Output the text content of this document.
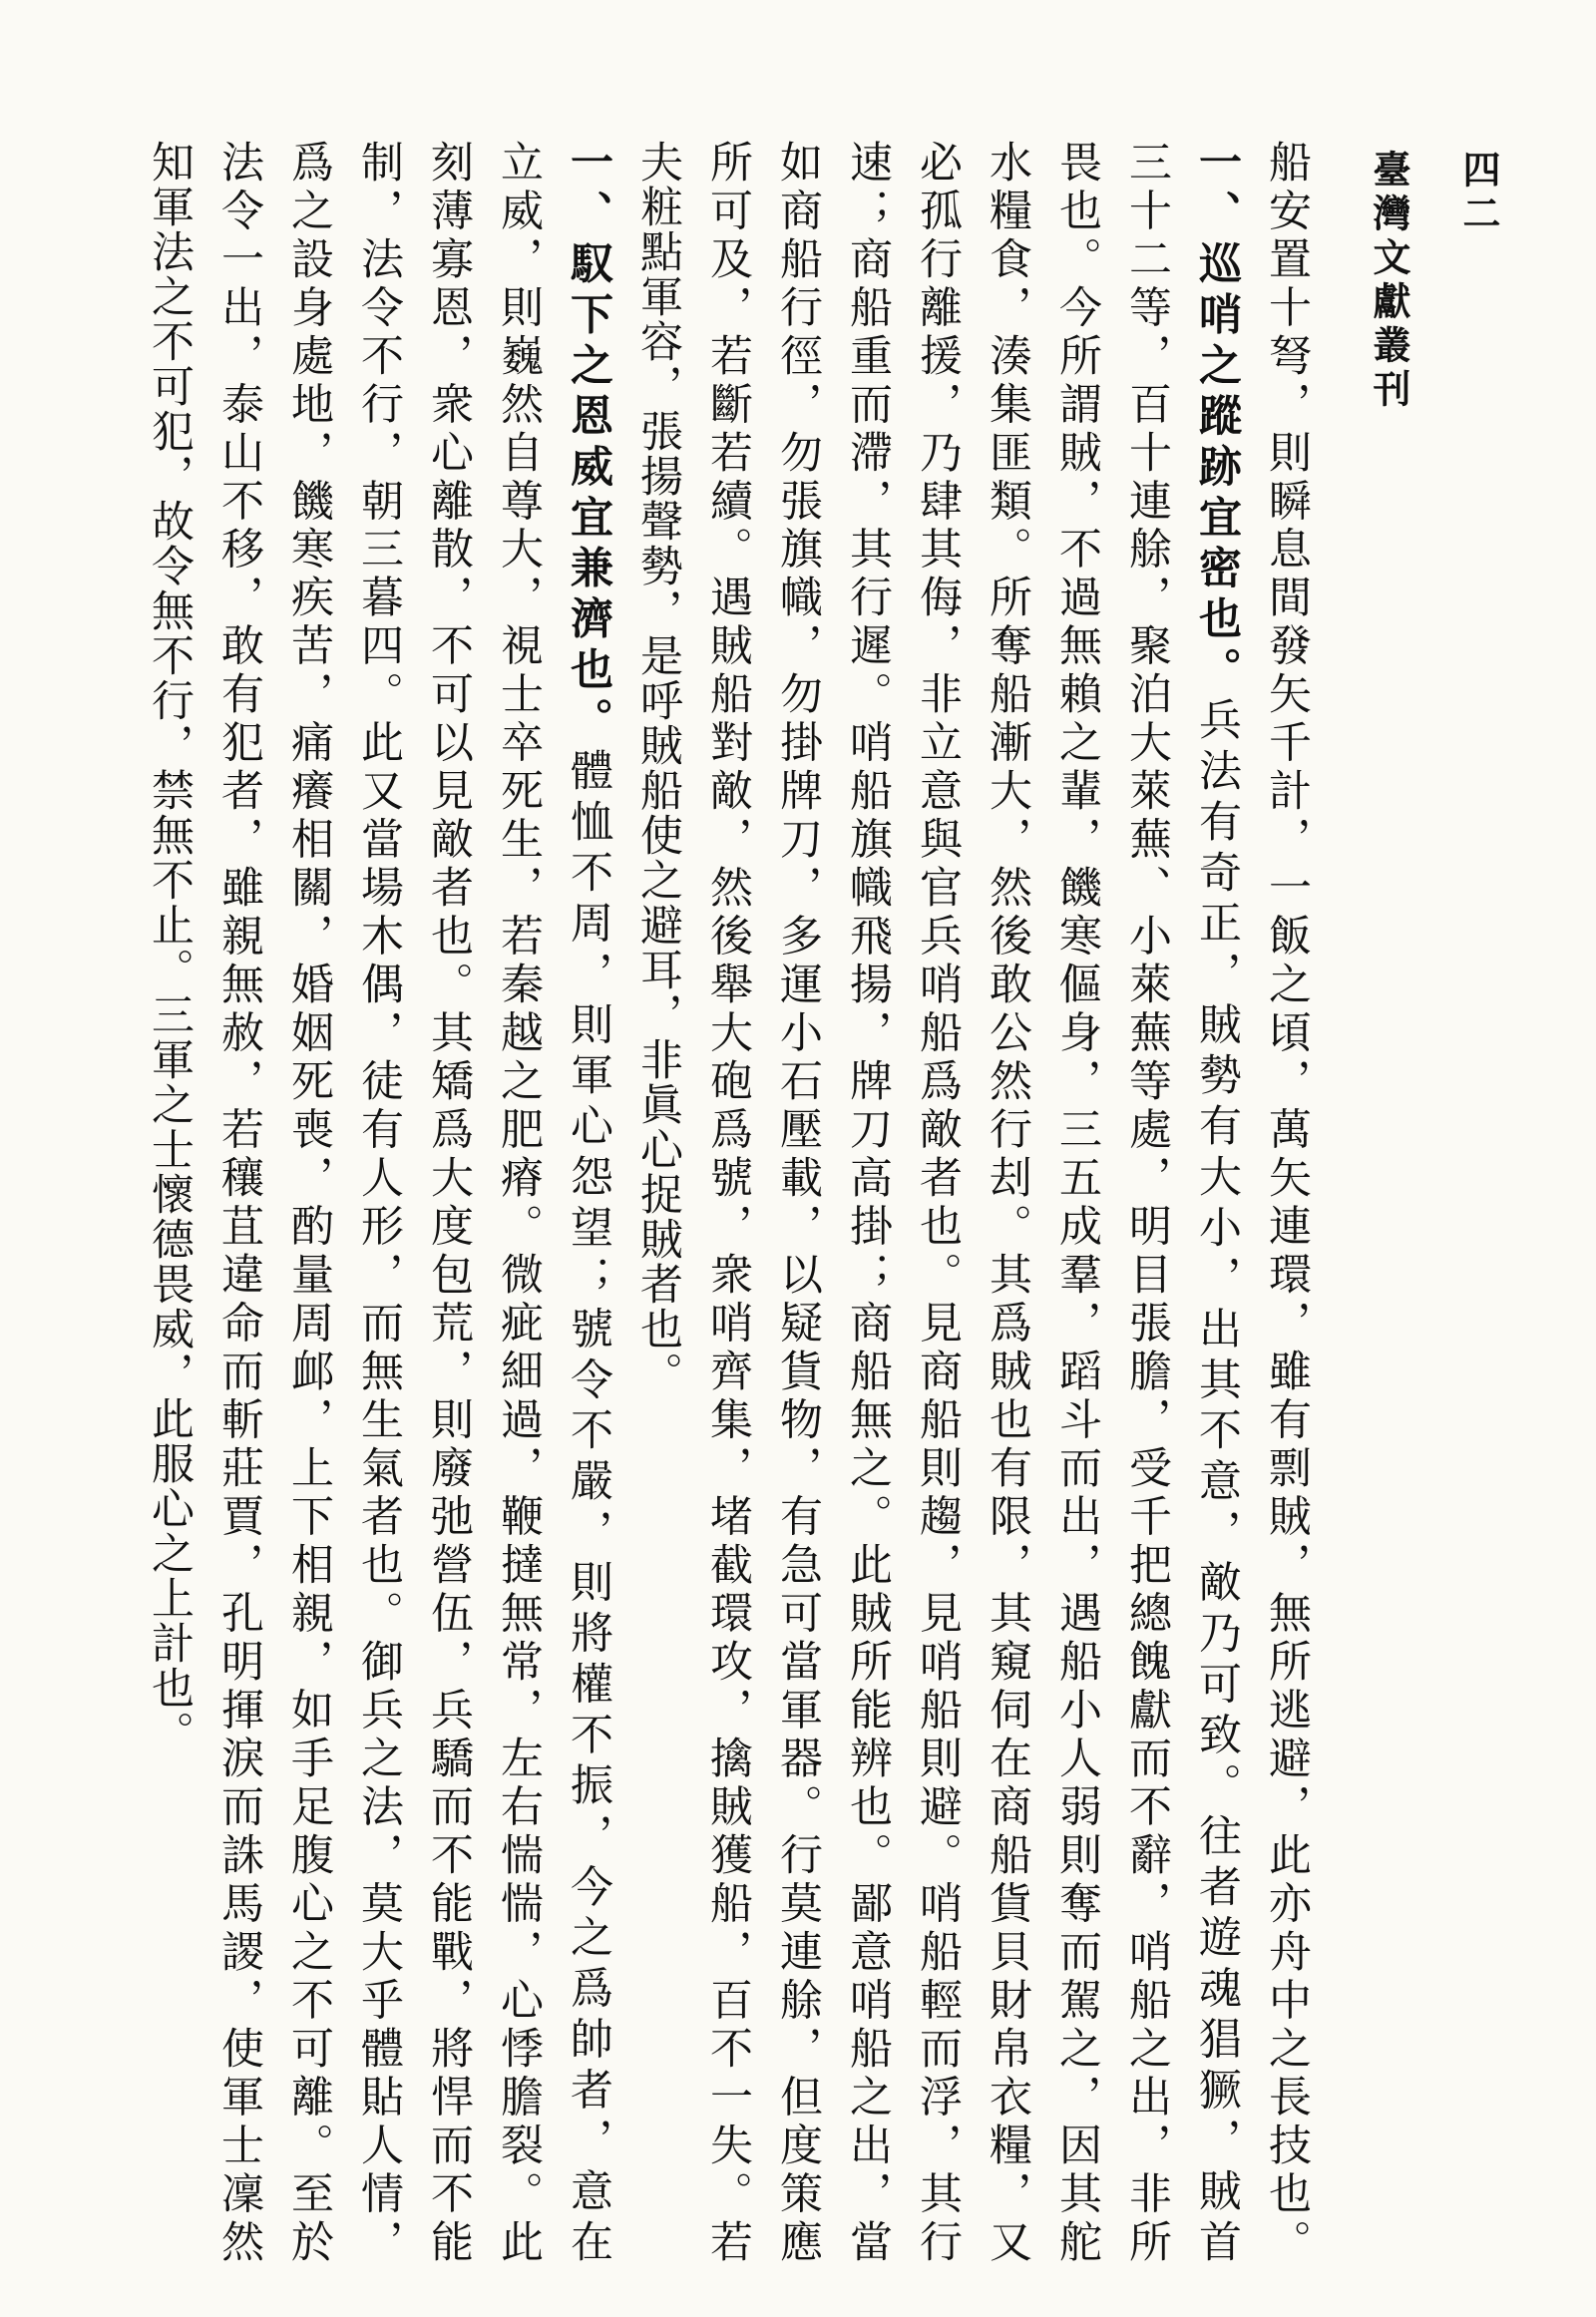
臺灣文獻叢刊 四二
船安置十弩，則瞬息間發矢千計，一飯之頃，萬矢連環，雖有剽賊，無所逃避，此亦舟中之長技也。
一、巡哨之蹤跡宜密也。兵法有奇正，賊勢有大小，出其不意，敵乃可致。往者遊魂猖獗，賊首
三十二等，百十連艅，聚泊大萊蕪、小萊蕪等處，明目張膽，受千把總餽獻而不辭，哨船之出，非所
畏也。今所謂賊，不過無賴之輩，饑寒傴身，三五成羣，蹈斗而出，遇船小人弱則奪而駕之，因其舵
水糧食，湊集匪類。所奪船漸大，然後敢公然行刦。其爲賊也有限，其窺伺在商船貨貝財帛衣糧，又
必孤行離援，乃肆其侮，非立意與官兵哨船爲敵者也。見商船則趨，見哨船則避。哨船輕而浮，其行
速；商船重而滯，其行遲。哨船旗幟飛揚，牌刀高掛；商船無之。此賊所能辨也。鄙意哨船之出，當
如商船行徑，勿張旗幟，勿掛牌刀，多運小石壓載，以疑貨物，有急可當軍器。行莫連艅，但度策應
所可及，若斷若續。遇賊船對敵，然後舉大砲爲號，衆哨齊集，堵截環攻，擒賊獲船，百不一失。若
夫粧點軍容，張揚聲勢，是呼賊船使之避耳，非眞心捉賊者也。
一、馭下之恩威宜兼濟也。體恤不周，則軍心怨望；號令不嚴，則將權不振，今之爲帥者，意在
立威，則巍然自尊大，視士卒死生，若秦越之肥瘠。微疵細過，鞭撻無常，左右惴惴，心悸膽裂。此
刻薄寡恩，衆心離散，不可以見敵者也。其矯爲大度包荒，則廢弛營伍，兵驕而不能戰，將悍而不能
制，法令不行，朝三暮四。此又當場木偶，徒有人形，而無生氣者也。御兵之法，莫大乎體貼人情，
爲之設身處地，饑寒疾苦，痛癢相關，婚姻死喪，酌量周䘏，上下相親，如手足腹心之不可離。至於
法令一出，泰山不移，敢有犯者，雖親無赦，若穰苴違命而斬莊賈，孔明揮淚而誅馬謖，使軍士凜然
知軍法之不可犯，故令無不行，禁無不止。三軍之士懷德畏威，此服心之上計也。
